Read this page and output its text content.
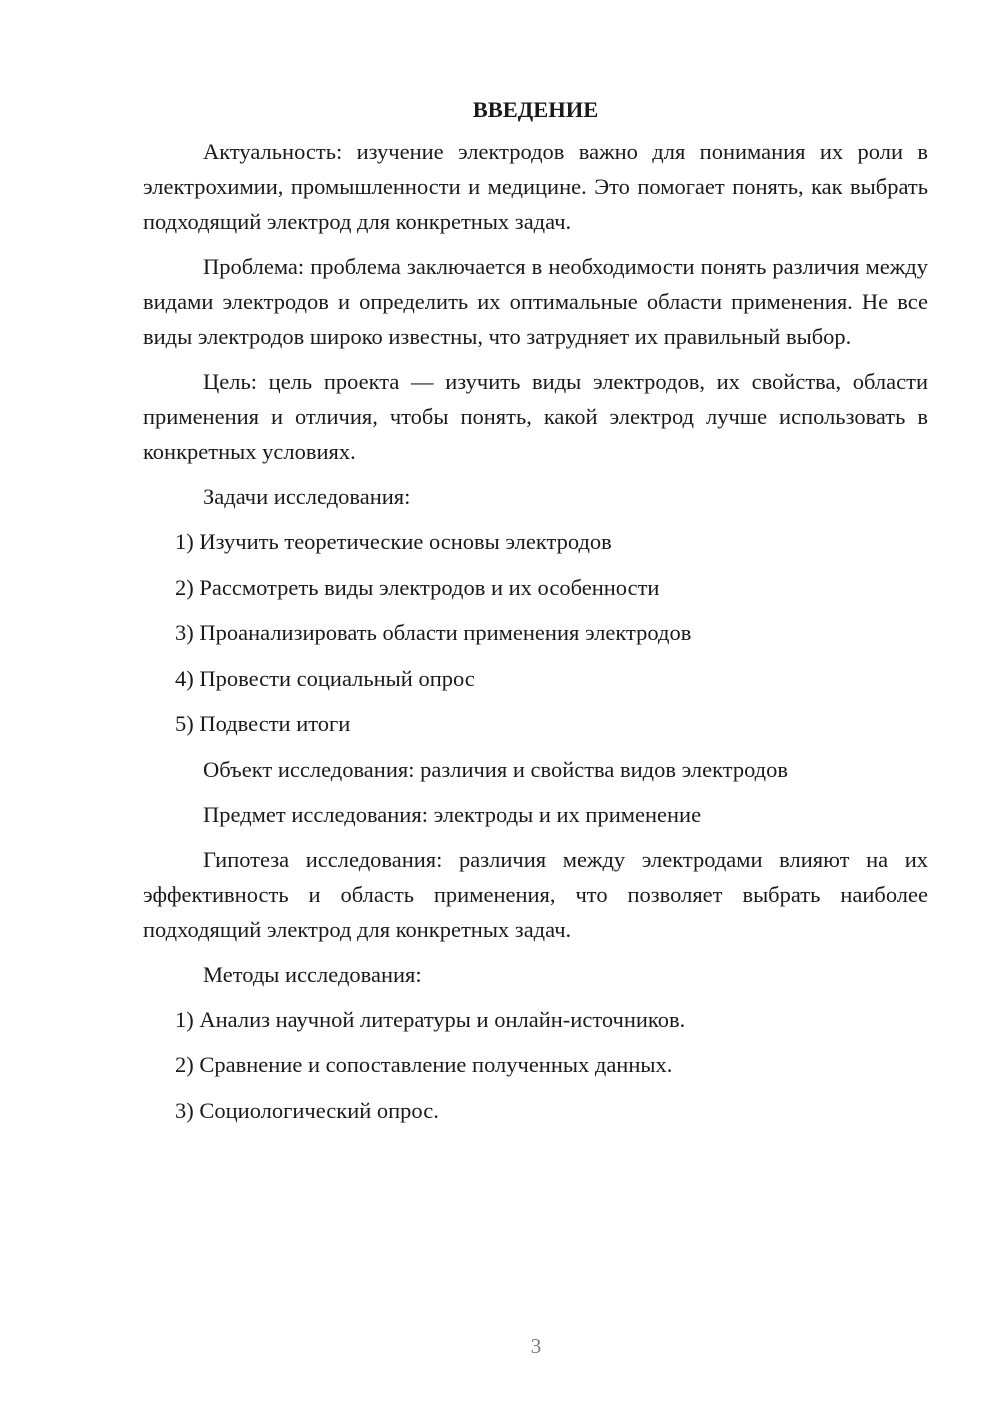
ВВЕДЕНИЕ

Актуальность: изучение электродов важно для понимания их роли в электрохимии, промышленности и медицине. Это помогает понять, как выбрать подходящий электрод для конкретных задач.

Проблема: проблема заключается в необходимости понять различия между видами электродов и определить их оптимальные области применения. Не все виды электродов широко известны, что затрудняет их правильный выбор.

Цель: цель проекта — изучить виды электродов, их свойства, области применения и отличия, чтобы понять, какой электрод лучше использовать в конкретных условиях.

Задачи исследования:

1) Изучить теоретические основы электродов
2) Рассмотреть виды электродов и их особенности
3) Проанализировать области применения электродов
4) Провести социальный опрос
5) Подвести итоги

Объект исследования: различия и свойства видов электродов

Предмет исследования: электроды и их применение

Гипотеза исследования: различия между электродами влияют на их эффективность и область применения, что позволяет выбрать наиболее подходящий электрод для конкретных задач.

Методы исследования:

1) Анализ научной литературы и онлайн-источников.
2) Сравнение и сопоставление полученных данных.
3) Социологический опрос.
3
